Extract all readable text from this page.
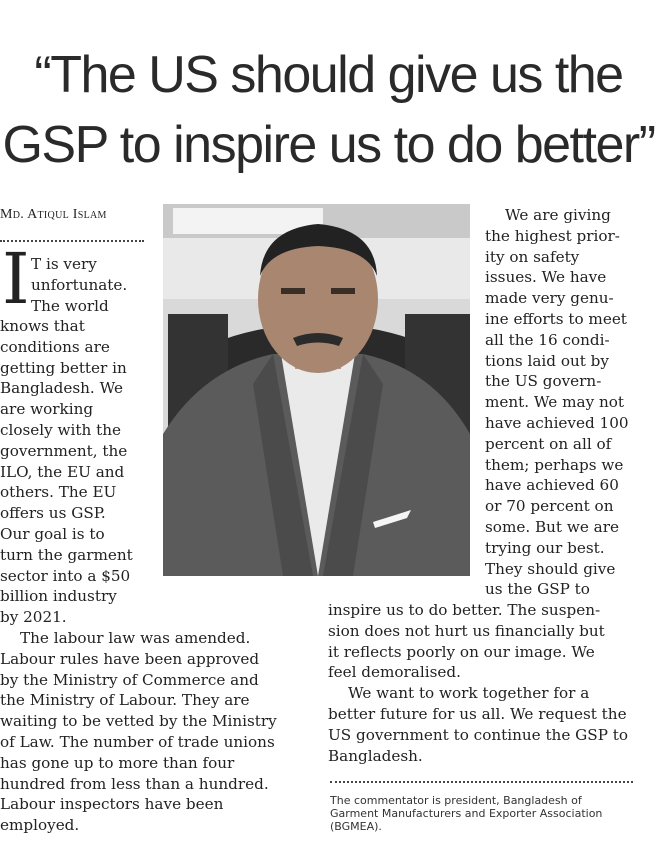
“The US should give us the
GSP to inspire us to do better”
Md. Atiqul Islam
I T is very
unfortunate.
The world
knows that
conditions are
getting better in
Bangladesh. We
are working
closely with the
government, the
ILO, the EU and
others. The EU
offers us GSP.
Our goal is to
turn the garment
sector into a $50
billion industry
by 2021.
The labour law was amended.
Labour rules have been approved
by the Ministry of Commerce and
the Ministry of Labour. They are
waiting to be vetted by the Ministry
of Law. The number of trade unions
has gone up to more than four
hundred from less than a hundred.
Labour inspectors have been
employed.
We are giving
the highest prior-
ity on safety
issues. We have
made very genu-
ine efforts to meet
all the 16 condi-
tions laid out by
the US govern-
ment. We may not
have achieved 100
percent on all of
them; perhaps we
have achieved 60
or 70 percent on
some. But we are
trying our best.
They should give
us the GSP to
inspire us to do better. The suspen-
sion does not hurt us financially but
it reflects poorly on our image. We
feel demoralised.
We want to work together for a
better future for us all. We request the
US government to continue the GSP to
Bangladesh.
The commentator is president, Bangladesh of
Garment Manufacturers and Exporter Association
(BGMEA).
